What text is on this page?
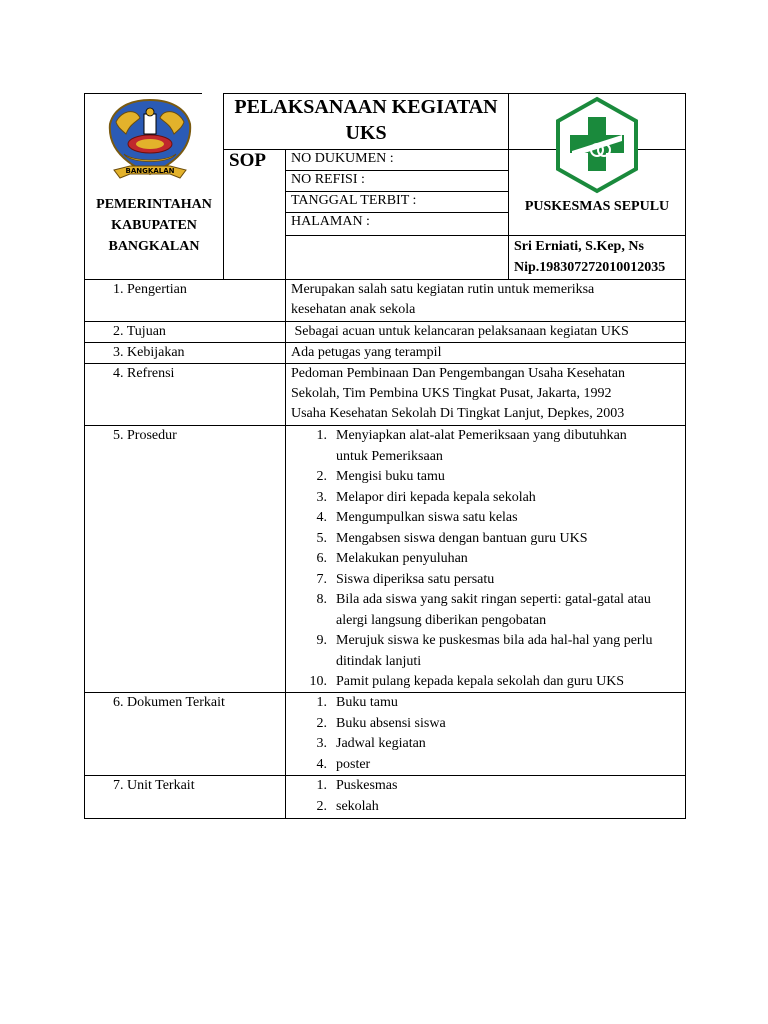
BANGKALAN
PEMERINTAHAN
KABUPATEN
BANGKALAN
PELAKSANAAN KEGIATAN
UKS
SOP NO DUKUMEN :
NO REFISI :
TANGGAL TERBIT :
HALAMAN :
PUSKESMAS SEPULU
Sri Erniati, S.Kep, Ns
Nip.198307272010012035
1. Pengertian	Merupakan salah satu kegiatan rutin untuk memeriksa
kesehatan anak sekola
2. Tujuan	Sebagai acuan untuk kelancaran pelaksanaan kegiatan UKS
3. Kebijakan	Ada petugas yang terampil
4. Refrensi	Pedoman Pembinaan Dan Pengembangan Usaha Kesehatan
Sekolah, Tim Pembina UKS Tingkat Pusat, Jakarta, 1992
Usaha Kesehatan Sekolah Di Tingkat Lanjut, Depkes, 2003
5. Prosedur	1. Menyiapkan alat-alat Pemeriksaan yang dibutuhkan
untuk Pemeriksaan
2. Mengisi buku tamu
3. Melapor diri kepada kepala sekolah
4. Mengumpulkan siswa satu kelas
5. Mengabsen siswa dengan bantuan guru UKS
6. Melakukan penyuluhan
7. Siswa diperiksa satu persatu
8. Bila ada siswa yang sakit ringan seperti: gatal-gatal atau
alergi langsung diberikan pengobatan
9. Merujuk siswa ke puskesmas bila ada hal-hal yang perlu
ditindak lanjuti
10. Pamit pulang kepada kepala sekolah dan guru UKS
6. Dokumen Terkait	1. Buku tamu
2. Buku absensi siswa
3. Jadwal kegiatan
4. poster
7. Unit Terkait	1. Puskesmas
2. sekolah
